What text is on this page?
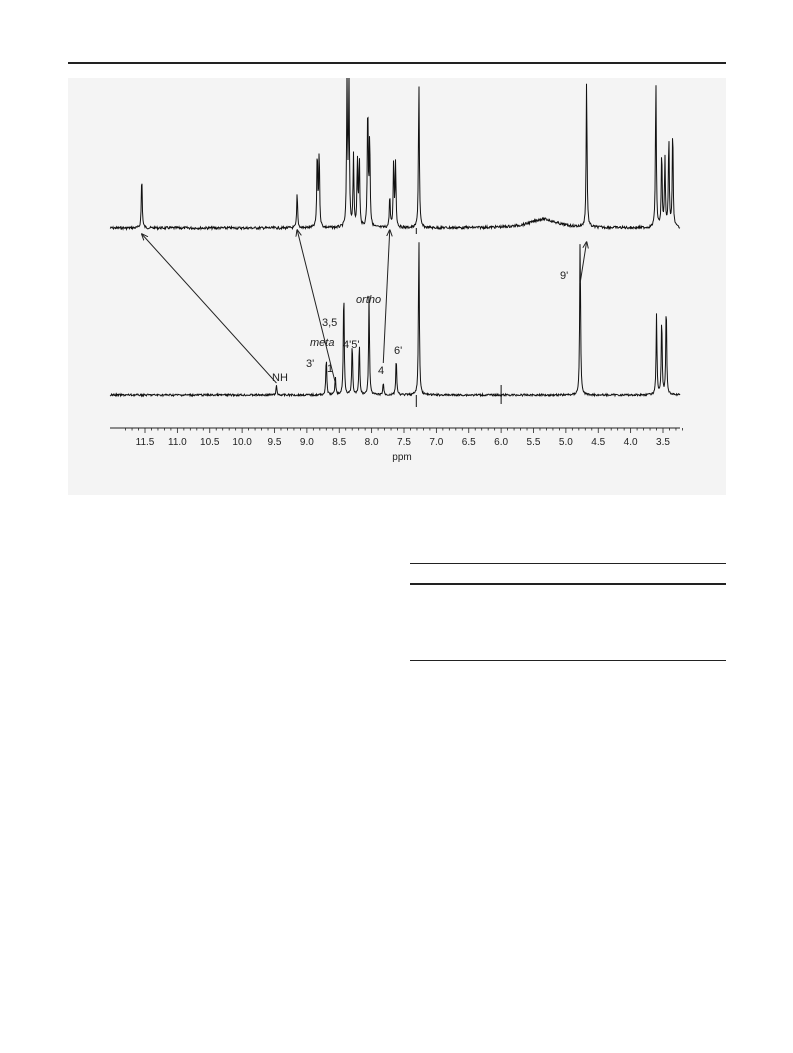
11.5 11.0 10.5 10.0 9.5 9.0 8.5 8.0 7.5 7.0 6.5 6.0 5.5 5.0 4.5 4.0 3.5
ppm
NH
3' 1
meta
3,5
4'5'
ortho
4
6'
9'
